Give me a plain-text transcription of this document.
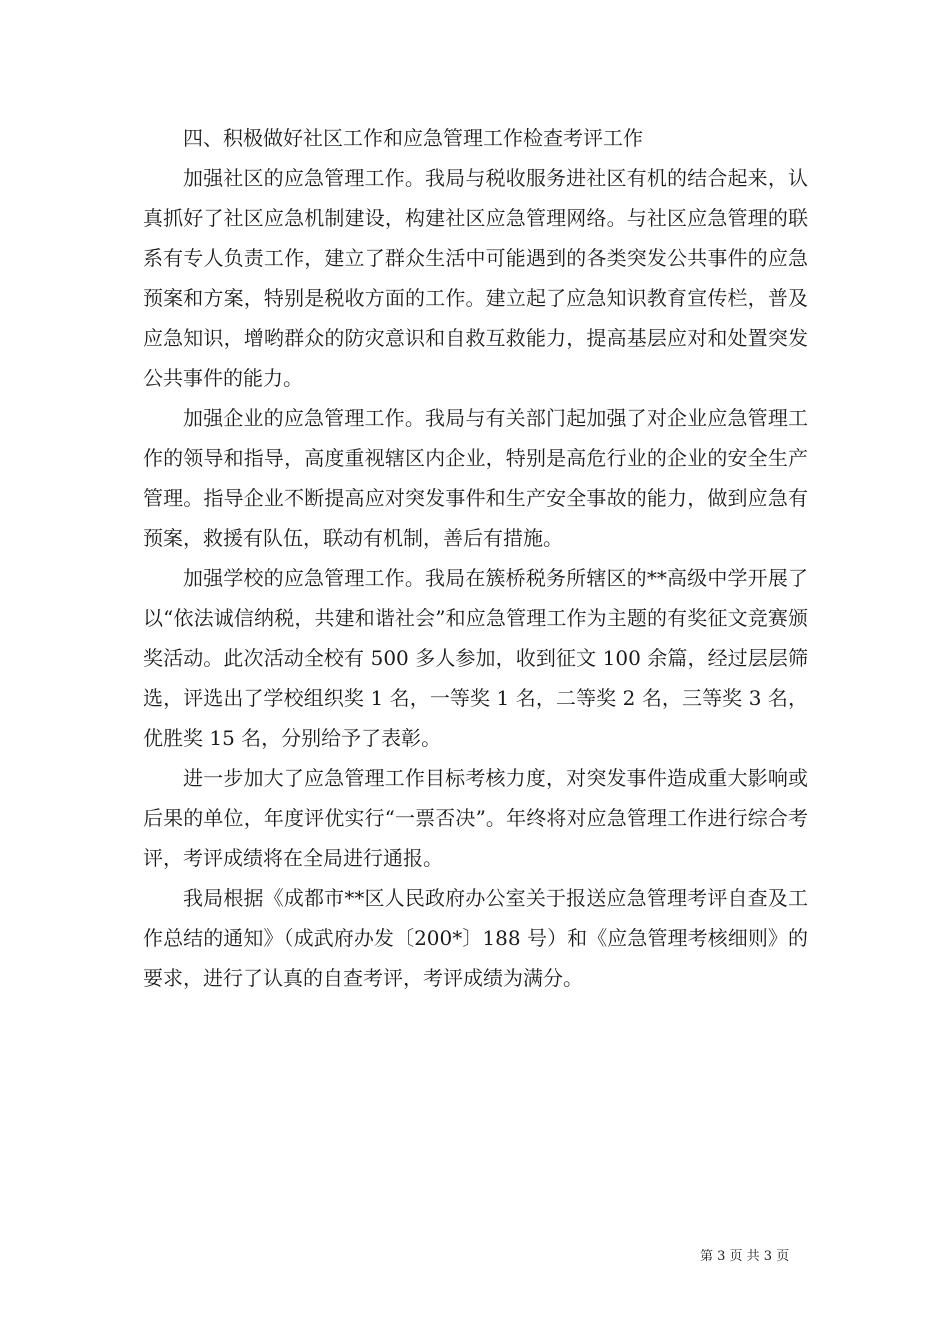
四、积极做好社区工作和应急管理工作检查考评工作

加强社区的应急管理工作。我局与税收服务进社区有机的结合起来，认真抓好了社区应急机制建设，构建社区应急管理网络。与社区应急管理的联系有专人负责工作，建立了群众生活中可能遇到的各类突发公共事件的应急预案和方案，特别是税收方面的工作。建立起了应急知识教育宣传栏，普及应急知识，增哟群众的防灾意识和自救互救能力，提高基层应对和处置突发公共事件的能力。

加强企业的应急管理工作。我局与有关部门起加强了对企业应急管理工作的领导和指导，高度重视辖区内企业，特别是高危行业的企业的安全生产管理。指导企业不断提高应对突发事件和生产安全事故的能力，做到应急有预案，救援有队伍，联动有机制，善后有措施。

加强学校的应急管理工作。我局在簇桥税务所辖区的**高级中学开展了以“依法诚信纳税，共建和谐社会”和应急管理工作为主题的有奖征文竞赛颁奖活动。此次活动全校有 500 多人参加，收到征文 100 余篇，经过层层筛选，评选出了学校组织奖 1 名，一等奖 1 名，二等奖 2 名，三等奖 3 名，优胜奖 15 名，分别给予了表彰。

进一步加大了应急管理工作目标考核力度，对突发事件造成重大影响或后果的单位，年度评优实行“一票否决”。年终将对应急管理工作进行综合考评，考评成绩将在全局进行通报。

我局根据《成都市**区人民政府办公室关于报送应急管理考评自查及工作总结的通知》（成武府办发〔200*〕188 号）和《应急管理考核细则》的要求，进行了认真的自查考评，考评成绩为满分。

第 3 页 共 3 页
